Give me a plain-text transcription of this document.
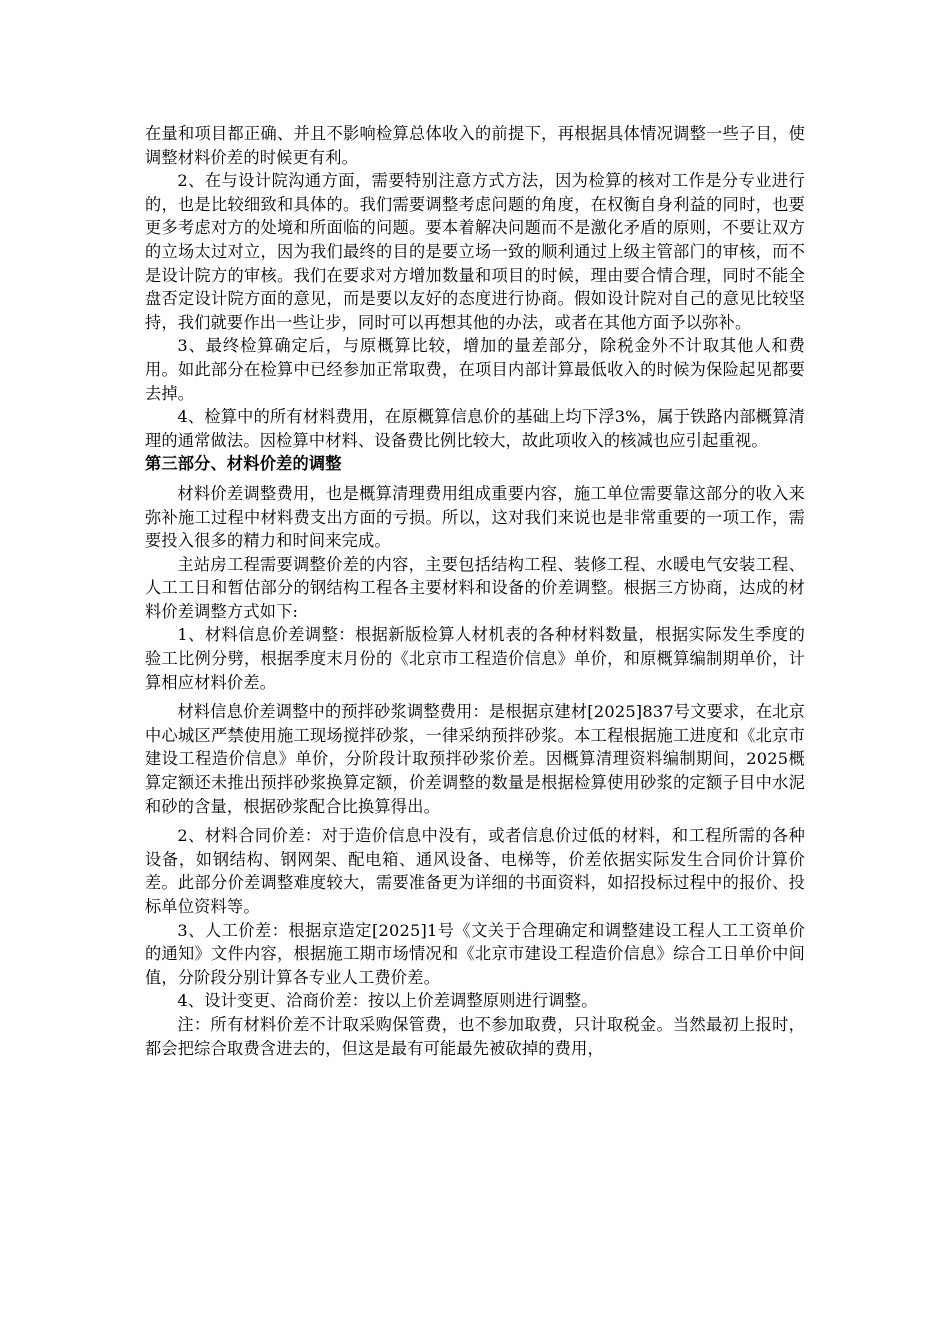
在量和项目都正确、并且不影响检算总体收入的前提下，再根据具体情况调整一些子目，使调整材料价差的时候更有利。

2、在与设计院沟通方面，需要特别注意方式方法，因为检算的核对工作是分专业进行的，也是比较细致和具体的。我们需要调整考虑问题的角度，在权衡自身利益的同时，也要更多考虑对方的处境和所面临的问题。要本着解决问题而不是激化矛盾的原则，不要让双方的立场太过对立，因为我们最终的目的是要立场一致的顺利通过上级主管部门的审核，而不是设计院方的审核。我们在要求对方增加数量和项目的时候，理由要合情合理，同时不能全盘否定设计院方面的意见，而是要以友好的态度进行协商。假如设计院对自己的意见比较坚持，我们就要作出一些让步，同时可以再想其他的办法，或者在其他方面予以弥补。

3、最终检算确定后，与原概算比较，增加的量差部分，除税金外不计取其他人和费用。如此部分在检算中已经参加正常取费，在项目内部计算最低收入的时候为保险起见都要去掉。

4、检算中的所有材料费用，在原概算信息价的基础上均下浮3%，属于铁路内部概算清理的通常做法。因检算中材料、设备费比例比较大，故此项收入的核减也应引起重视。

第三部分、材料价差的调整

材料价差调整费用，也是概算清理费用组成重要内容，施工单位需要靠这部分的收入来弥补施工过程中材料费支出方面的亏损。所以，这对我们来说也是非常重要的一项工作，需要投入很多的精力和时间来完成。

主站房工程需要调整价差的内容，主要包括结构工程、装修工程、水暖电气安装工程、人工工日和暂估部分的钢结构工程各主要材料和设备的价差调整。根据三方协商，达成的材料价差调整方式如下:

1、材料信息价差调整：根据新版检算人材机表的各种材料数量，根据实际发生季度的验工比例分劈，根据季度末月份的《北京市工程造价信息》单价，和原概算编制期单价，计算相应材料价差。

材料信息价差调整中的预拌砂浆调整费用：是根据京建材[2025]837号文要求，在北京中心城区严禁使用施工现场搅拌砂浆，一律采纳预拌砂浆。本工程根据施工进度和《北京市建设工程造价信息》单价，分阶段计取预拌砂浆价差。因概算清理资料编制期间，2025概算定额还未推出预拌砂浆换算定额，价差调整的数量是根据检算使用砂浆的定额子目中水泥和砂的含量，根据砂浆配合比换算得出。

2、材料合同价差：对于造价信息中没有，或者信息价过低的材料，和工程所需的各种设备，如钢结构、钢网架、配电箱、通风设备、电梯等，价差依据实际发生合同价计算价差。此部分价差调整难度较大，需要准备更为详细的书面资料，如招投标过程中的报价、投标单位资料等。

3、人工价差：根据京造定[2025]1号《文关于合理确定和调整建设工程人工工资单价的通知》文件内容，根据施工期市场情况和《北京市建设工程造价信息》综合工日单价中间值，分阶段分别计算各专业人工费价差。

4、设计变更、洽商价差：按以上价差调整原则进行调整。

注：所有材料价差不计取采购保管费，也不参加取费，只计取税金。当然最初上报时，都会把综合取费含进去的，但这是最有可能最先被砍掉的费用，
